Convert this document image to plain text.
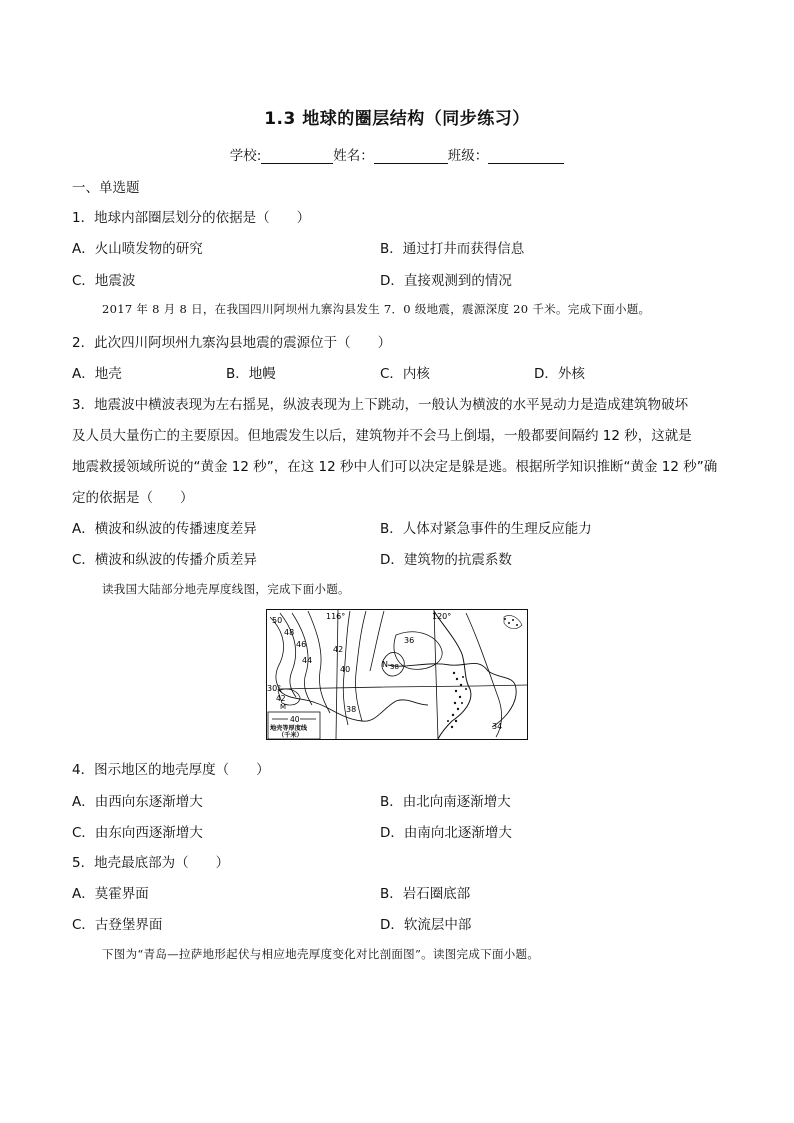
1.3 地球的圈层结构（同步练习）
学校:	姓名：	班级：
一、单选题
1．地球内部圈层划分的依据是（　　）
A．火山喷发物的研究	B．通过打井而获得信息
C．地震波	D．直接观测到的情况
2017 年 8 月 8 日，在我国四川阿坝州九寨沟县发生 7．0 级地震，震源深度 20 千米。完成下面小题。
2．此次四川阿坝州九寨沟县地震的震源位于（　　）
A．地壳	B．地幔	C．内核	D．外核
3．地震波中横波表现为左右摇晃，纵波表现为上下跳动，一般认为横波的水平晃动力是造成建筑物破坏
及人员大量伤亡的主要原因。但地震发生以后，建筑物并不会马上倒塌，一般都要间隔约 12 秒，这就是
地震救援领域所说的“黄金 12 秒”，在这 12 秒中人们可以决定是躲是逃。根据所学知识推断“黄金 12 秒”确
定的依据是（　　）
A．横波和纵波的传播速度差异	B．人体对紧急事件的生理反应能力
C．横波和纵波的传播介质差异	D．建筑物的抗震系数
读我国大陆部分地壳厚度线图，完成下面小题。
40
地壳等厚度线
（千米）
50
48
46
44
42
40
36
N 38
38
42
M
34
116°	120°
30°
4．图示地区的地壳厚度（　　）
A．由西向东逐渐增大	B．由北向南逐渐增大
C．由东向西逐渐增大	D．由南向北逐渐增大
5．地壳最底部为（　　）
A．莫霍界面	B．岩石圈底部
C．古登堡界面	D．软流层中部
下图为“青岛—拉萨地形起伏与相应地壳厚度变化对比剖面图”。读图完成下面小题。
